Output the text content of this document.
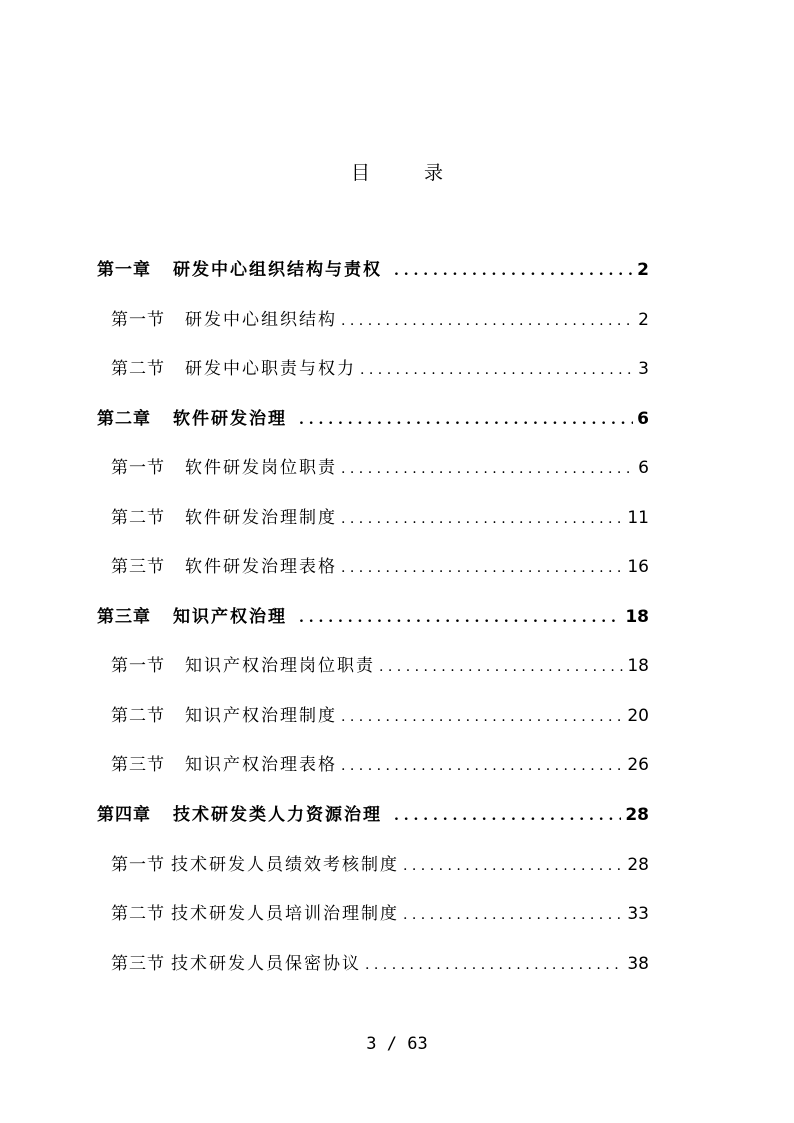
目 录
第一章 研发中心组织结构与责权 . . .	2
第一节 研发中心组织结构 . . .	2
第二节 研发中心职责与权力 . . .	3
第二章 软件研发治理 . . .	6
第一节 软件研发岗位职责 . . .	6
第二节 软件研发治理制度 . . .	11
第三节 软件研发治理表格 . . .	16
第三章 知识产权治理 . . .	18
第一节 知识产权治理岗位职责 . . .	18
第二节 知识产权治理制度 . . .	20
第三节 知识产权治理表格 . . .	26
第四章 技术研发类人力资源治理 . . .	28
第一节 技术研发人员绩效考核制度 . . .	28
第二节 技术研发人员培训治理制度 . . .	33
第三节 技术研发人员保密协议 . . .	38
3 / 63
